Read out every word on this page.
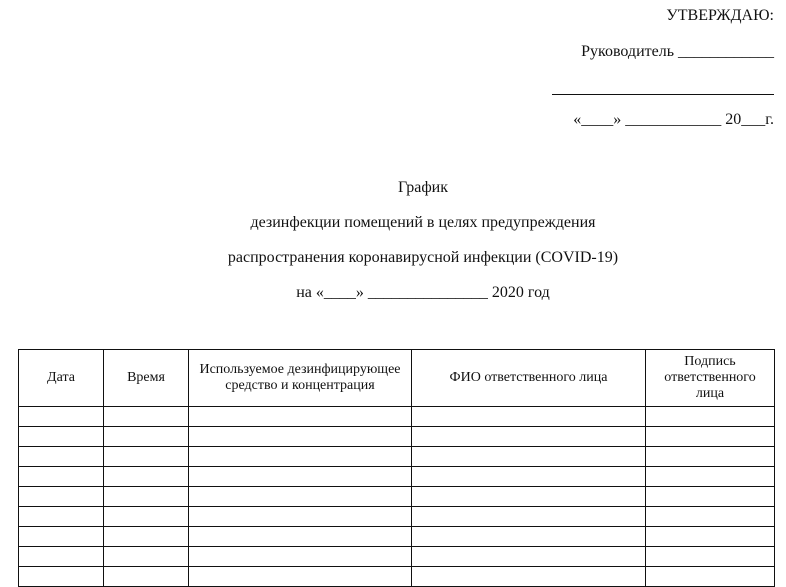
УТВЕРЖДАЮ:
Руководитель ____________
«____» ____________ 20___г.
График
дезинфекции помещений в целях предупреждения
распространения коронавирусной инфекции (COVID-19)
на «____» _______________ 2020 год
Дата	Время	Используемое дезинфицирующее средство и концентрация	ФИО ответственного лица	Подпись ответственного лица
